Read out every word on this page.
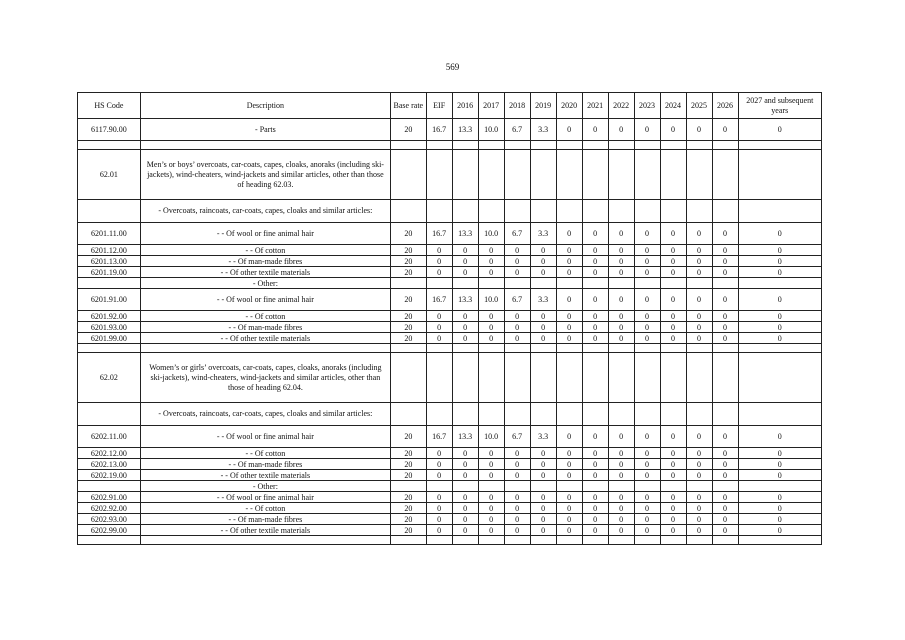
569
HS Code	Description	Base rate	EIF	2016	2017	2018	2019	2020	2021	2022	2023	2024	2025	2026	2027 and subsequent years
6117.90.00	- Parts	20	16.7	13.3	10.0	6.7	3.3	0	0	0	0	0	0	0	0

62.01	Men’s or boys’ overcoats, car-coats, capes, cloaks, anoraks (including ski-jackets), wind-cheaters, wind-jackets and similar articles, other than those of heading 62.03.														
	- Overcoats, raincoats, car-coats, capes, cloaks and similar articles:														
6201.11.00	- - Of wool or fine animal hair	20	16.7	13.3	10.0	6.7	3.3	0	0	0	0	0	0	0	0
6201.12.00	- - Of cotton	20	0	0	0	0	0	0	0	0	0	0	0	0	0
6201.13.00	- - Of man-made fibres	20	0	0	0	0	0	0	0	0	0	0	0	0	0
6201.19.00	- - Of other textile materials	20	0	0	0	0	0	0	0	0	0	0	0	0	0
	- Other:														
6201.91.00	- - Of wool or fine animal hair	20	16.7	13.3	10.0	6.7	3.3	0	0	0	0	0	0	0	0
6201.92.00	- - Of cotton	20	0	0	0	0	0	0	0	0	0	0	0	0	0
6201.93.00	- - Of man-made fibres	20	0	0	0	0	0	0	0	0	0	0	0	0	0
6201.99.00	- - Of other textile materials	20	0	0	0	0	0	0	0	0	0	0	0	0	0

62.02	Women’s or girls’ overcoats, car-coats, capes, cloaks, anoraks (including ski-jackets), wind-cheaters, wind-jackets and similar articles, other than those of heading 62.04.														
	- Overcoats, raincoats, car-coats, capes, cloaks and similar articles:														
6202.11.00	- - Of wool or fine animal hair	20	16.7	13.3	10.0	6.7	3.3	0	0	0	0	0	0	0	0
6202.12.00	- - Of cotton	20	0	0	0	0	0	0	0	0	0	0	0	0	0
6202.13.00	- - Of man-made fibres	20	0	0	0	0	0	0	0	0	0	0	0	0	0
6202.19.00	- - Of other textile materials	20	0	0	0	0	0	0	0	0	0	0	0	0	0
	- Other:														
6202.91.00	- - Of wool or fine animal hair	20	0	0	0	0	0	0	0	0	0	0	0	0	0
6202.92.00	- - Of cotton	20	0	0	0	0	0	0	0	0	0	0	0	0	0
6202.93.00	- - Of man-made fibres	20	0	0	0	0	0	0	0	0	0	0	0	0	0
6202.99.00	- - Of other textile materials	20	0	0	0	0	0	0	0	0	0	0	0	0	0
